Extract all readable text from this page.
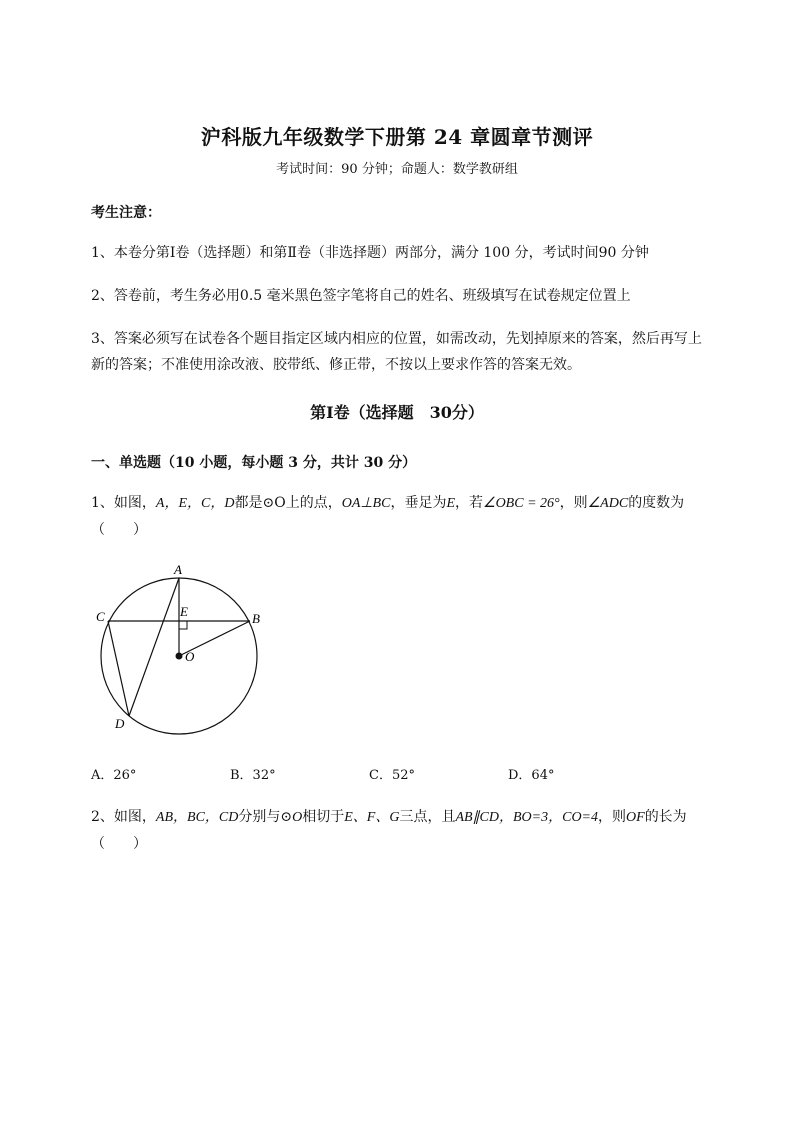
沪科版九年级数学下册第 24 章圆章节测评
考试时间：90 分钟；命题人：数学教研组
考生注意：
1、本卷分第Ⅰ卷（选择题）和第Ⅱ卷（非选择题）两部分，满分 100 分，考试时间90 分钟
2、答卷前，考生务必用0.5 毫米黑色签字笔将自己的姓名、班级填写在试卷规定位置上
3、答案必须写在试卷各个题目指定区域内相应的位置，如需改动，先划掉原来的答案，然后再写上新的答案；不准使用涂改液、胶带纸、修正带，不按以上要求作答的答案无效。
第Ⅰ卷（选择题　30分）
一、单选题（10 小题，每小题 3 分，共计 30 分）
1、如图，A，E，C，D都是⊙O上的点，OA⊥BC，垂足为E，若∠OBC = 26°，则∠ADC的度数为（　　）
A
B
C
D
E
O
A．26°	B．32°	C．52°	D．64°
2、如图，AB，BC，CD分别与⊙O相切于E、F、G三点，且AB∥CD，BO=3，CO=4，则OF的长为（　　）
